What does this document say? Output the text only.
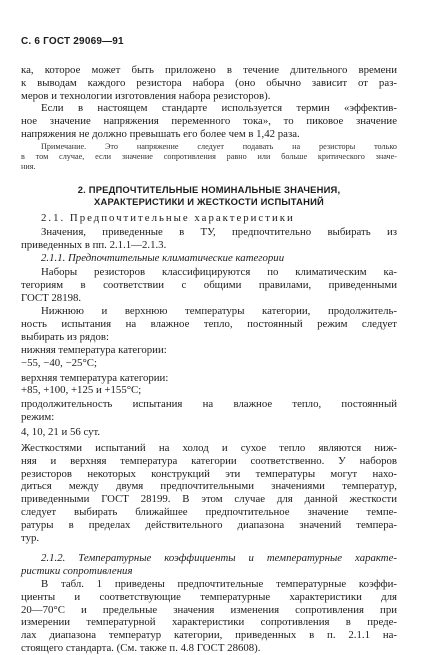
С. 6 ГОСТ 29069—91
ка, которое может быть приложено в течение длительного времени
к выводам каждого резистора набора (оно обычно зависит от раз-
меров и технологии изготовления набора резисторов).
Если в настоящем стандарте используется термин «эффектив-
ное значение напряжения переменного тока», то пиковое значение
напряжения не должно превышать его более чем в 1,42 раза.
Примечание. Это напряжение следует подавать на резисторы только
в том случае, если значение сопротивления равно или больше критического значе-
ния.
2. ПРЕДПОЧТИТЕЛЬНЫЕ НОМИНАЛЬНЫЕ ЗНАЧЕНИЯ,
ХАРАКТЕРИСТИКИ И ЖЕСТКОСТИ ИСПЫТАНИЙ
2.1. Предпочтительные характеристики
Значения, приведенные в ТУ, предпочтительно выбирать из
приведенных в пп. 2.1.1—2.1.3.
2.1.1. Предпочтительные климатические категории
Наборы резисторов классифицируются по климатическим ка-
тегориям в соответствии с общими правилами, приведенными
ГОСТ 28198.
Нижнюю и верхнюю температуры категории, продолжитель-
ность испытания на влажное тепло, постоянный режим следует
выбирать из рядов:
нижняя температура категории:
−55, −40, −25°C;
верхняя температура категории:
+85, +100, +125 и +155°C;
продолжительность испытания на влажное тепло, постоянный
режим:
4, 10, 21 и 56 сут.
Жесткостями испытаний на холод и сухое тепло являются ниж-
няя и верхняя температура категории соответственно. У наборов
резисторов некоторых конструкций эти температуры могут нахо-
диться между двумя предпочтительными значениями температур,
приведенными ГОСТ 28199. В этом случае для данной жесткости
следует выбирать ближайшее предпочтительное значение темпе-
ратуры в пределах действительного диапазона значений темпера-
тур.
2.1.2. Температурные коэффициенты и температурные характе-
ристики сопротивления
В табл. 1 приведены предпочтительные температурные коэффи-
циенты и соответствующие температурные характеристики для
20—70°C и предельные значения изменения сопротивления при
измерении температурной характеристики сопротивления в преде-
лах диапазона температур категории, приведенных в п. 2.1.1 на-
стоящего стандарта. (См. также п. 4.8 ГОСТ 28608).
